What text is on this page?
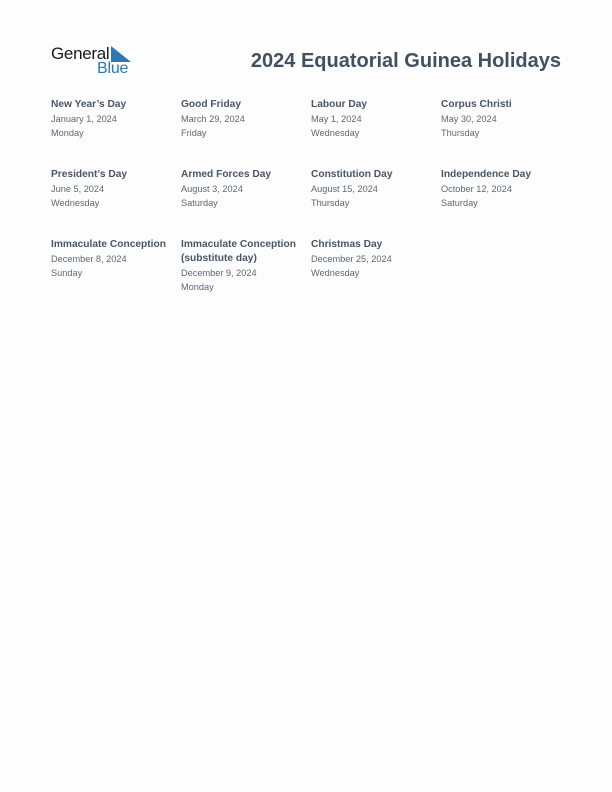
General
Blue	2024 Equatorial Guinea Holidays
New Year’s Day
January 1, 2024
Monday
Good Friday
March 29, 2024
Friday
Labour Day
May 1, 2024
Wednesday
Corpus Christi
May 30, 2024
Thursday
President’s Day
June 5, 2024
Wednesday
Armed Forces Day
August 3, 2024
Saturday
Constitution Day
August 15, 2024
Thursday
Independence Day
October 12, 2024
Saturday
Immaculate Conception
December 8, 2024
Sunday
Immaculate Conception (substitute day)
December 9, 2024
Monday
Christmas Day
December 25, 2024
Wednesday
